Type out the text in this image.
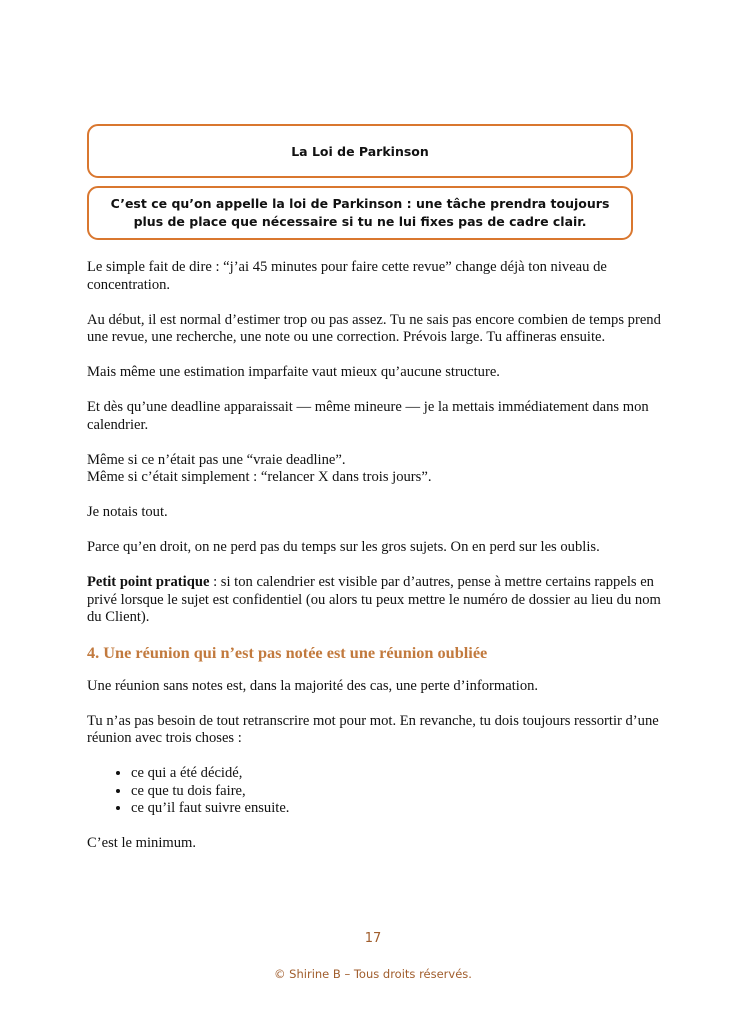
La Loi de Parkinson
C’est ce qu’on appelle la loi de Parkinson : une tâche prendra toujours plus de place que nécessaire si tu ne lui fixes pas de cadre clair.

Le simple fait de dire : “j’ai 45 minutes pour faire cette revue” change déjà ton niveau de concentration.

Au début, il est normal d’estimer trop ou pas assez. Tu ne sais pas encore combien de temps prend une revue, une recherche, une note ou une correction. Prévois large. Tu affineras ensuite.

Mais même une estimation imparfaite vaut mieux qu’aucune structure.

Et dès qu’une deadline apparaissait — même mineure — je la mettais immédiatement dans mon calendrier.

Même si ce n’était pas une “vraie deadline”.
Même si c’était simplement : “relancer X dans trois jours”.

Je notais tout.

Parce qu’en droit, on ne perd pas du temps sur les gros sujets. On en perd sur les oublis.

Petit point pratique : si ton calendrier est visible par d’autres, pense à mettre certains rappels en privé lorsque le sujet est confidentiel (ou alors tu peux mettre le numéro de dossier au lieu du nom du Client).

4. Une réunion qui n’est pas notée est une réunion oubliée

Une réunion sans notes est, dans la majorité des cas, une perte d’information.

Tu n’as pas besoin de tout retranscrire mot pour mot. En revanche, tu dois toujours ressortir d’une réunion avec trois choses :

• ce qui a été décidé,
• ce que tu dois faire,
• ce qu’il faut suivre ensuite.

C’est le minimum.

17
© Shirine B – Tous droits réservés.
